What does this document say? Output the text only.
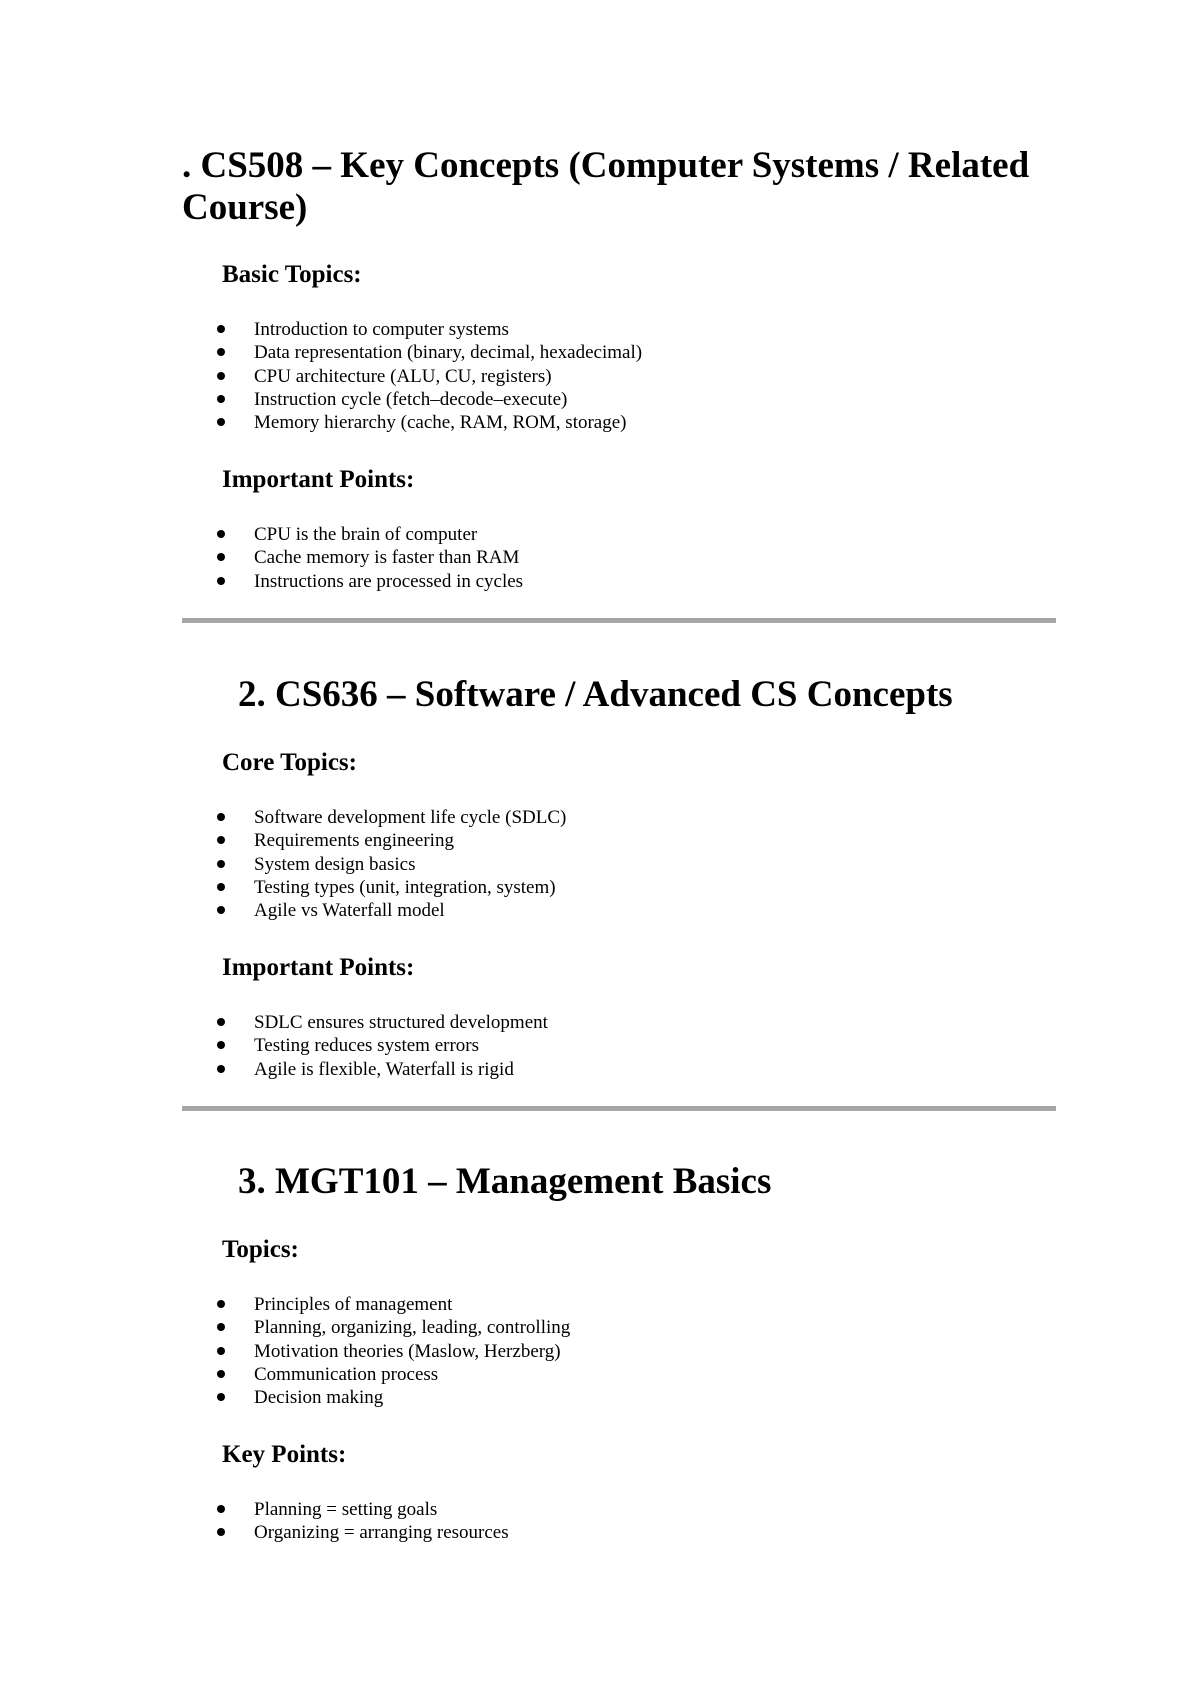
. CS508 – Key Concepts (Computer Systems / Related Course)
Basic Topics:
Introduction to computer systems
Data representation (binary, decimal, hexadecimal)
CPU architecture (ALU, CU, registers)
Instruction cycle (fetch–decode–execute)
Memory hierarchy (cache, RAM, ROM, storage)
Important Points:
CPU is the brain of computer
Cache memory is faster than RAM
Instructions are processed in cycles
2. CS636 – Software / Advanced CS Concepts
Core Topics:
Software development life cycle (SDLC)
Requirements engineering
System design basics
Testing types (unit, integration, system)
Agile vs Waterfall model
Important Points:
SDLC ensures structured development
Testing reduces system errors
Agile is flexible, Waterfall is rigid
3. MGT101 – Management Basics
Topics:
Principles of management
Planning, organizing, leading, controlling
Motivation theories (Maslow, Herzberg)
Communication process
Decision making
Key Points:
Planning = setting goals
Organizing = arranging resources
